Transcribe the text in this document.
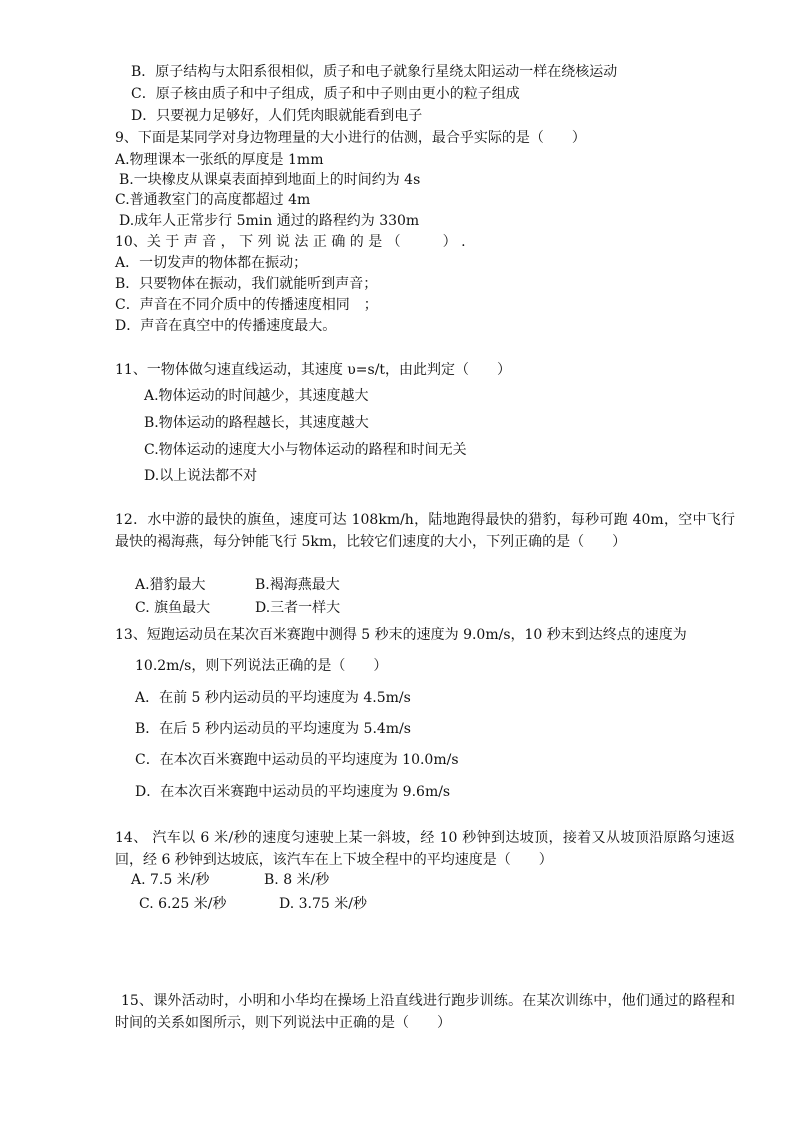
B．原子结构与太阳系很相似，质子和电子就象行星绕太阳运动一样在绕核运动
C．原子核由质子和中子组成，质子和中子则由更小的粒子组成
D．只要视力足够好，人们凭肉眼就能看到电子
9、下面是某同学对身边物理量的大小进行的估测，最合乎实际的是（　　）
A.物理课本一张纸的厚度是 1mm
B.一块橡皮从课桌表面掉到地面上的时间约为 4s
C.普通教室门的高度都超过 4m
D.成年人正常步行 5min 通过的路程约为 330m
10、关 于 声 音 ， 下 列 说 法 正 确 的 是 （　　　） .
A．一切发声的物体都在振动；
B．只要物体在振动，我们就能听到声音；
C．声音在不同介质中的传播速度相同　；
D．声音在真空中的传播速度最大。
11、一物体做匀速直线运动，其速度 υ=s/t，由此判定（　　）
A.物体运动的时间越少，其速度越大
B.物体运动的路程越长，其速度越大
C.物体运动的速度大小与物体运动的路程和时间无关
D.以上说法都不对
12．水中游的最快的旗鱼，速度可达 108km/h，陆地跑得最快的猎豹，每秒可跑 40m，空中飞行最快的褐海燕，每分钟能飞行 5km，比较它们速度的大小，下列正确的是（　　）
A.猎豹最大	B.褐海燕最大
C. 旗鱼最大	D.三者一样大
13、短跑运动员在某次百米赛跑中测得 5 秒末的速度为 9.0m/s，10 秒末到达终点的速度为
10.2m/s，则下列说法正确的是（　　）
A．在前 5 秒内运动员的平均速度为 4.5m/s
B．在后 5 秒内运动员的平均速度为 5.4m/s
C．在本次百米赛跑中运动员的平均速度为 10.0m/s
D．在本次百米赛跑中运动员的平均速度为 9.6m/s
14、 汽车以 6 米/秒的速度匀速驶上某一斜坡，经 10 秒钟到达坡顶，接着又从坡顶沿原路匀速返回，经 6 秒钟到达坡底，该汽车在上下坡全程中的平均速度是（　　）
A. 7.5 米/秒	B. 8 米/秒
C. 6.25 米/秒	D. 3.75 米/秒
15、课外活动时，小明和小华均在操场上沿直线进行跑步训练。在某次训练中，他们通过的路程和时间的关系如图所示，则下列说法中正确的是（　　）
